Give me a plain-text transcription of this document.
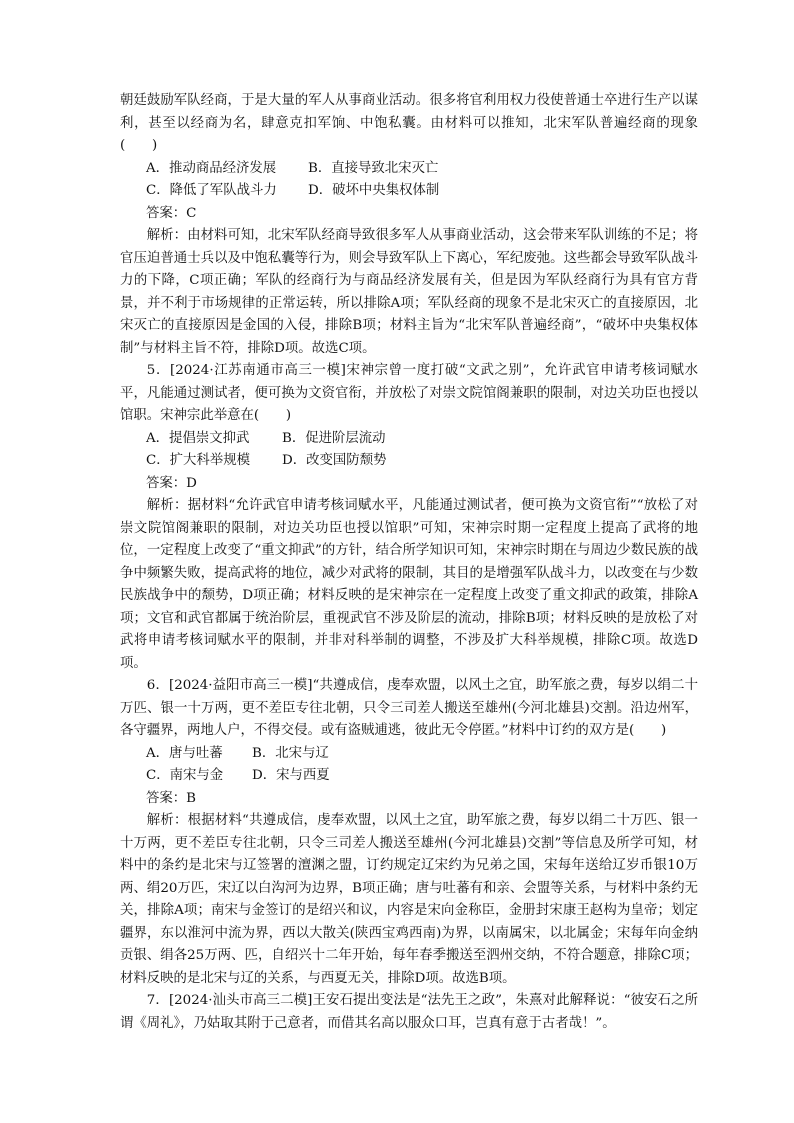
朝廷鼓励军队经商，于是大量的军人从事商业活动。很多将官利用权力役使普通士卒进行生产以谋利，甚至以经商为名，肆意克扣军饷、中饱私囊。由材料可以推知，北宋军队普遍经商的现象(　　)

A．推动商品经济发展 B．直接导致北宋灭亡

C．降低了军队战斗力 D．破坏中央集权体制

答案：C

解析：由材料可知，北宋军队经商导致很多军人从事商业活动，这会带来军队训练的不足；将官压迫普通士兵以及中饱私囊等行为，则会导致军队上下离心，军纪废弛。这些都会导致军队战斗力的下降，C项正确；军队的经商行为与商品经济发展有关，但是因为军队经商行为具有官方背景，并不利于市场规律的正常运转，所以排除A项；军队经商的现象不是北宋灭亡的直接原因，北宋灭亡的直接原因是金国的入侵，排除B项；材料主旨为“北宋军队普遍经商”，“破坏中央集权体制”与材料主旨不符，排除D项。故选C项。

5．[2024·江苏南通市高三一模]宋神宗曾一度打破“文武之别”，允许武官申请考核词赋水平，凡能通过测试者，便可换为文资官衔，并放松了对崇文院馆阁兼职的限制，对边关功臣也授以馆职。宋神宗此举意在(　　)

A．提倡崇文抑武 B．促进阶层流动

C．扩大科举规模 D．改变国防颓势

答案：D

解析：据材料“允许武官申请考核词赋水平，凡能通过测试者，便可换为文资官衔”“放松了对崇文院馆阁兼职的限制，对边关功臣也授以馆职”可知，宋神宗时期一定程度上提高了武将的地位，一定程度上改变了“重文抑武”的方针，结合所学知识可知，宋神宗时期在与周边少数民族的战争中频繁失败，提高武将的地位，减少对武将的限制，其目的是增强军队战斗力，以改变在与少数民族战争中的颓势，D项正确；材料反映的是宋神宗在一定程度上改变了重文抑武的政策，排除A项；文官和武官都属于统治阶层，重视武官不涉及阶层的流动，排除B项；材料反映的是放松了对武将申请考核词赋水平的限制，并非对科举制的调整，不涉及扩大科举规模，排除C项。故选D项。

6．[2024·益阳市高三一模]“共遵成信，虔奉欢盟，以风土之宜，助军旅之费，每岁以绢二十万匹、银一十万两，更不差臣专往北朝，只令三司差人搬送至雄州(今河北雄县)交割。沿边州军，各守疆界，两地人户，不得交侵。或有盗贼逋逃，彼此无令停匿。”材料中订约的双方是(　　)

A．唐与吐蕃 B．北宋与辽

C．南宋与金 D．宋与西夏

答案：B

解析：根据材料“共遵成信，虔奉欢盟，以风土之宜，助军旅之费，每岁以绢二十万匹、银一十万两，更不差臣专往北朝，只令三司差人搬送至雄州(今河北雄县)交割”等信息及所学可知，材料中的条约是北宋与辽签署的澶渊之盟，订约规定辽宋约为兄弟之国，宋每年送给辽岁币银10万两、绢20万匹，宋辽以白沟河为边界，B项正确；唐与吐蕃有和亲、会盟等关系，与材料中条约无关，排除A项；南宋与金签订的是绍兴和议，内容是宋向金称臣，金册封宋康王赵构为皇帝；划定疆界，东以淮河中流为界，西以大散关(陕西宝鸡西南)为界，以南属宋，以北属金；宋每年向金纳贡银、绢各25万两、匹，自绍兴十二年开始，每年春季搬送至泗州交纳，不符合题意，排除C项；材料反映的是北宋与辽的关系，与西夏无关，排除D项。故选B项。

7．[2024·汕头市高三二模]王安石提出变法是“法先王之政”，朱熹对此解释说：“彼安石之所谓《周礼》，乃姑取其附于己意者，而借其名高以服众口耳，岂真有意于古者哉！”。
